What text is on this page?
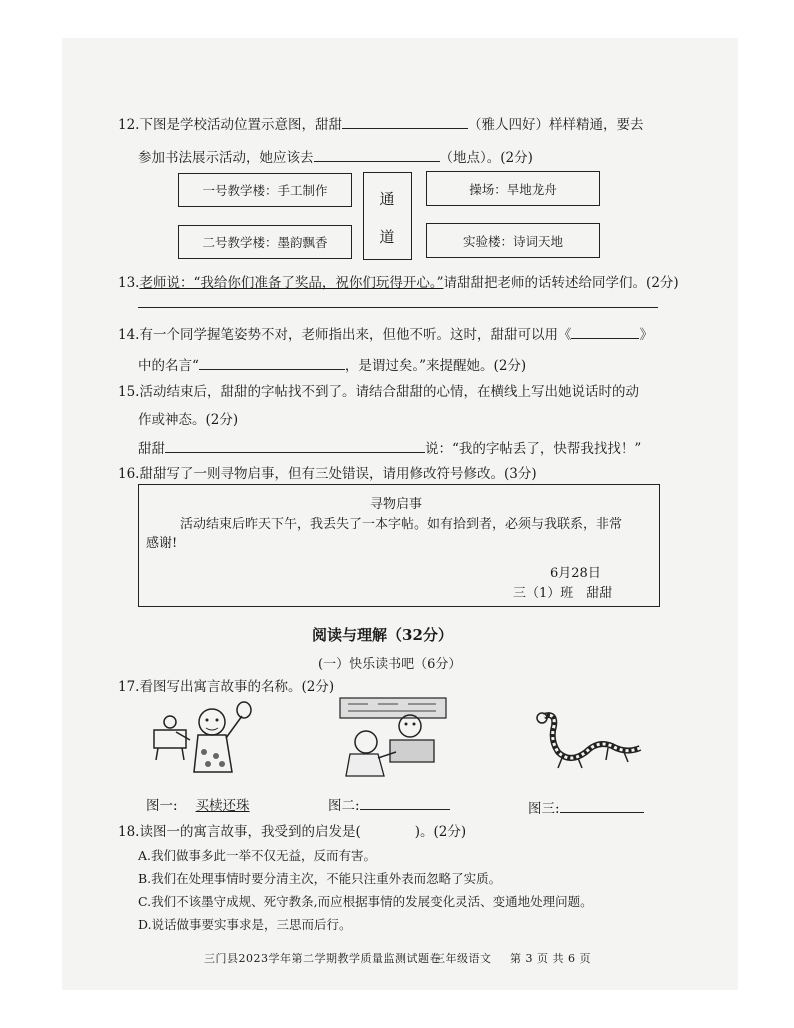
12.下图是学校活动位置示意图，甜甜	（雅人四好）样样精通，要去
参加书法展示活动，她应该去	（地点）。(2分)
一号教学楼：手工制作
二号教学楼：墨韵飘香
通
道
操场：旱地龙舟
实验楼：诗词天地
13.老师说：“我给你们准备了奖品，祝你们玩得开心。”请甜甜把老师的话转述给同学们。(2分)
14.有一个同学握笔姿势不对，老师指出来，但他不听。这时，甜甜可以用《	》
中的名言“	，是谓过矣。”来提醒她。(2分)
15.活动结束后，甜甜的字帖找不到了。请结合甜甜的心情，在横线上写出她说话时的动
作或神态。(2分)
甜甜	说：“我的字帖丢了，快帮我找找！”
16.甜甜写了一则寻物启事，但有三处错误，请用修改符号修改。(3分)
寻物启事
活动结束后昨天下午，我丢失了一本字帖。如有拾到者，必须与我联系，非常
感谢!
6月28日
三（1）班　甜甜
阅读与理解（32分）
(一）快乐读书吧（6分）
17.看图写出寓言故事的名称。(2分)
图一: 买椟还珠	图二:	图三:
18.读图一的寓言故事，我受到的启发是(	)。(2分)
A.我们做事多此一举不仅无益，反而有害。
B.我们在处理事情时要分清主次，不能只注重外表而忽略了实质。
C.我们不该墨守成规、死守教条,而应根据事情的发展变化灵活、变通地处理问题。
D.说话做事要实事求是，三思而后行。
三门县2023学年第二学期教学质量监测试题卷
三年级语文 第 3 页 共 6 页
